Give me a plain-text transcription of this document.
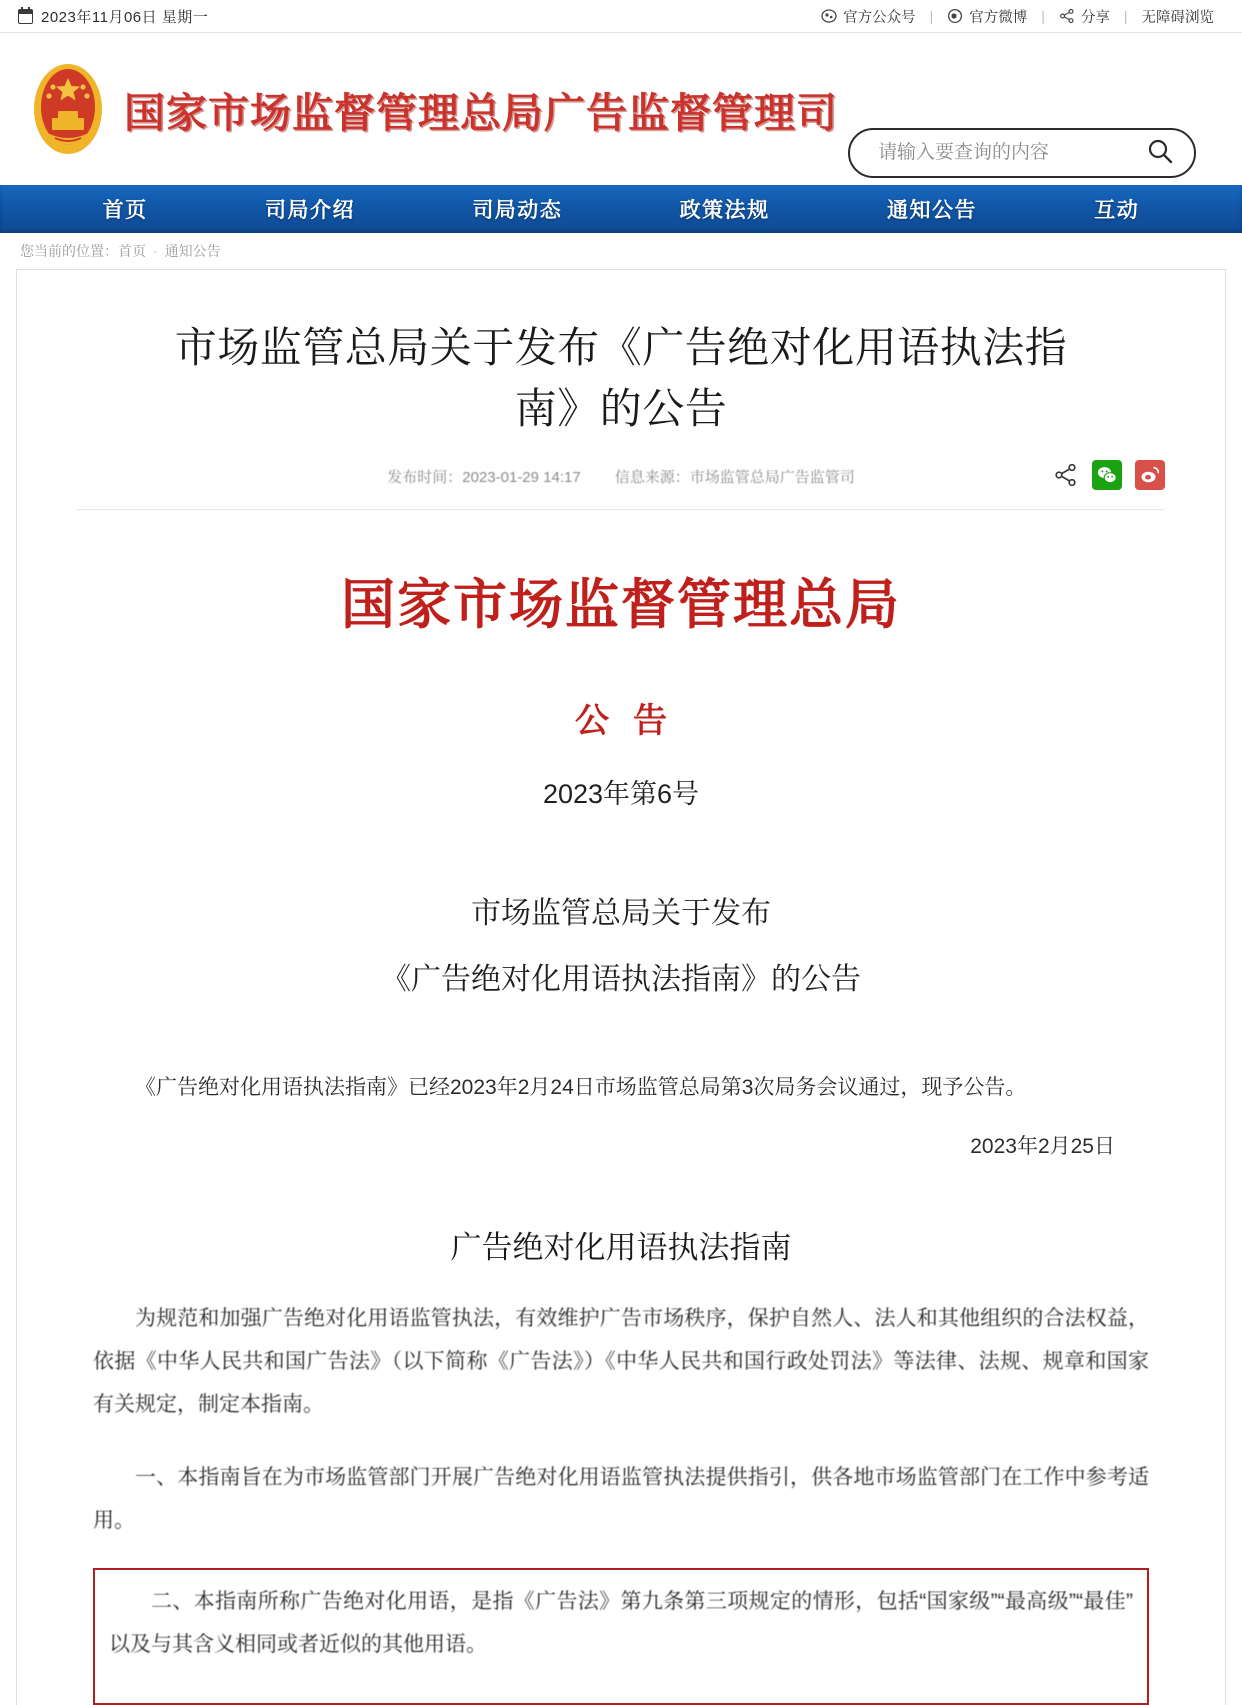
2023年11月06日 星期一	官方公众号 | 官方微博 | 分享 | 无障碍浏览
国家市场监督管理总局广告监督管理司
请输入要查询的内容
首页	司局介绍	司局动态	政策法规	通知公告	互动
您当前的位置： 首页 · 通知公告
市场监管总局关于发布《广告绝对化用语执法指南》的公告
发布时间：2023-01-29 14:17 信息来源：市场监管总局广告监管司
国家市场监督管理总局
公告
2023年第6号
市场监管总局关于发布
《广告绝对化用语执法指南》的公告

《广告绝对化用语执法指南》已经2023年2月24日市场监管总局第3次局务会议通过，现予公告。

2023年2月25日
广告绝对化用语执法指南

为规范和加强广告绝对化用语监管执法，有效维护广告市场秩序，保护自然人、法人和其他组织的合法权益，依据《中华人民共和国广告法》（以下简称《广告法》）《中华人民共和国行政处罚法》等法律、法规、规章和国家有关规定，制定本指南。

一、本指南旨在为市场监管部门开展广告绝对化用语监管执法提供指引，供各地市场监管部门在工作中参考适用。

二、本指南所称广告绝对化用语，是指《广告法》第九条第三项规定的情形，包括“国家级”“最高级”“最佳”以及与其含义相同或者近似的其他用语。
